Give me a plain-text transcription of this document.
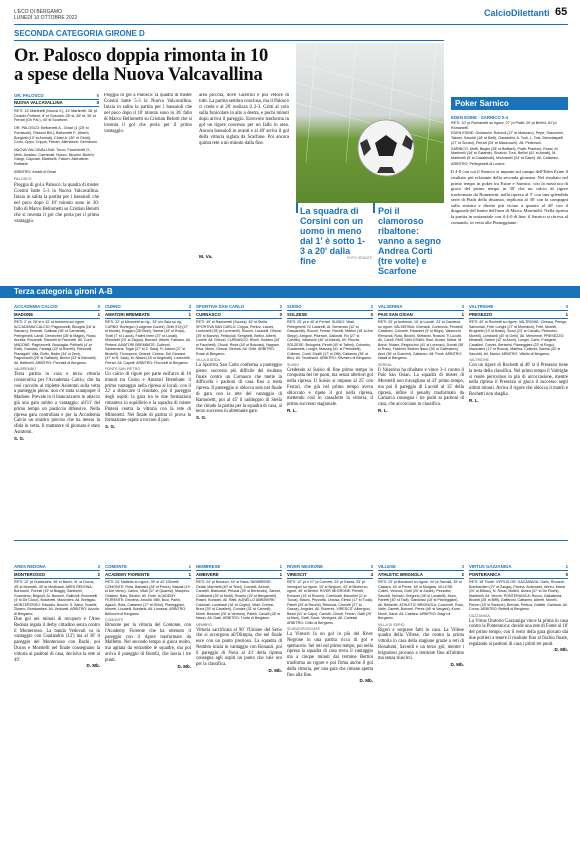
L'ECO DI BERGAMO
LUNEDÌ 10 OTTOBRE 2022	CalcioDilettanti 65
SECONDA CATEGORIA GIRONE D
Or. Palosco doppia rimonta in 10
a spese della Nuova Valcavallina
OR. PALOSCO	5
NUOVA VALCAVALLINA	3
RETI: 12' Martinelli (Nuova V.), 43' Martinelli, 38' pt Ceciolo Portiere; 8' st Gusmini; 28' st, 36' st, 30' st Ferrari (On Pal.), 40' st Scarfone.
OR. PALOSCO: Bellometti A., Chiari (1 (25' st Pomiacoli), Ristorni Bill.), Bellometti F., Alberti, Borgiotti (10' st Armiati), Chiari A. (30' st Ghidi), Corsi, Oppo. Crippa, Ferrari. Allenatore: Gervasoni.
NUOVA VALCAVALLINA: Turco, Facchinetti G., Mellì, Anadeo, Carminati, Nocco, Nicolini, Biolchi, Gangi, Caporali, Martinelli, Falceri. Allenatore: Raffaele.
ARBITRO: Amati di Chiari
PALOSCO
Pioggia di gol a Palosco: la quadra di mister Corsini batte 5-3 la Nuova Valcavallina. Inizia in salita la partita per i bassaioli che nel poco dopo il 10' minuto sono in 30: fallo di Marco Bellometti su Cristian Belotti che si inventa il gol che porta per il primo vantaggio.
Pioggia di gol a Palosco: la quadra di mister Corsini batte 5-3 la Nuova Valcavallina. Inizia in salita la partita per i bassaioli che nel poco dopo il 10' minuto sono in 30: fallo di Marco Bellometti su Cristian Belotti che si inventa il gol che porta per il primo vantaggio.
area piccola, dove Guerrini è più veloce di tutti. La partita sembra conclusa, ma il Palosco ci crede e al 26' realizza il 2-3. Gritti al volo sulla funicolare in alto a destra, e pochi minuti dopo arriva il pareggio. Eurovolo trasforma in gol un rigore concesso per un fallo in area. Ancora bassaioli in avanti e al 40' arriva il gol della vittoria siglata da Scarfone. Poi ancora quinta rete a un minuto dalla fine.
M. Va.	FOTO ISTANTE
La squadra di Corsini con un uomo in meno dal 1' è sotto 1-3 a 20' dalla fine
Poi il clamoroso ribaltone: vanno a segno Andrea Corti (tre volte) e Scarfone
Poker Sarnico
EDEN ESINE - SARNICO 0-4
RETI: 10' pt Romanetti su rigore; 27' pt Piatti; 30' pt Bellini; 40' pt Romanetti.
EDEN ESINE: Giuliamini, Rotondi (27' st Mascaro), Pepe, Giacomini, Taboni, Savoldi (18' st Belli), Gastaldini, A. Todi, L. Tosi, Bresciaspelli (27' st Sorani), Ferrari (25' st Mazzocchi). All. Pedersoli.
SARNICO: Muffi, Begini (28' st Beffiani), Piatti, Piantoni, Rossi, M. Martinelli (18' st Galante), Sicalvio, Torri, Bellini (41' st Amati), M. Martinelli (5' st Casabinali), Mozzarelli (34' st Gabri). All. Cattaneo.
ARBITRO: Pellegrinelli di Lovere.
Il 4-0 con cui il Sarnico si impone sul campo dell'Eden Esine il risultato più eclatante della seconda giornata. Nel risultato nel primo tempo in poker tra Esine e Sarnico, con la mezz'ora di gioco del primo tempo in 30' che un calcio di rigore trasformato da Romanetti, nella ripresa al 5' con una splendida serie di Piatti della distanza, triplicata al 30' con la compagni sulla sinistra e diretto più vicino a quattro al 40' con il diagonale del limite dell'area di Marco Martinelli. Nella ripresa la partita in sostanziale con il 4-0 di fine, il Sarnico si ritrova al comando, in vetta alla Pianeggiante.
Terza categoria gironi A-B
ACCADEMIA CALCIO	0
MADONE	1
RETI: 2' pt, 28' st e 32' st Asintomi sul rigore. ACCADEMIA CALCIO: Pagnoncelli, Bicoglia (18' st Samaro), Emerati, Gallbasi (36' st Carminati), Pellegrinelli, Landi, Deroechet (28' st Magni), Rossi, Aurelia, Rovanelli. Rancelli st Facchetti. All. Corti. MADONE: Pagnoncelli, Boccaglia, Pellicelli (4' pt Rolli), Galaiani, Fantagi (15' st Bonelli), Pelicinali, Pianagalli, Villa, Ruffo, Badin (34' st Zeni), Pagnoncelli (25' st Gaffaldi), Benini (33' st Biemarli). All. Bettinelli. ARBITRO: Prevaldi di Bergamo.
VALBREMBO
Terza partita in casa e terza vittoria consecutiva per l'Accademia Calcio, che ha così raccolto al triplette Asintomi sulla vetta a punteggio pieno: non c'è stata scampoper il Madone. Prevale in il biancazzurro in attacco già una gara subito a vantaggio: all'11' del primo tempo un pasticcio difensivo. Nella ripresa gara controllata e per la Accademia Calcio un sinistro preciso che ha messo la sfida in vetta. Il mattatore di giornata è stato Asintomi.
S. G.
CURNO	3
AMATORI BREMBATE	1
RETI: 22' pt Mimoretti su rig., 33' s/n Sala su rig. CURNO: Borlegon (Ludgeros Zucchi), Gritti 9'Oj (27' st Monte), Ruggeri (35'Stoel), Samat (18' st Rosa), Trotti (7' st Lucca), Fatimi Imeri (37' st Lonati), Mimoretti (24' st Zappa), Bonomi, Alberti, Fabiano. All. Pinterà. AMATORI BREMBATE: Colleoni, Santamaria, Togal (27' st Z. Sala), R. Albani (27' st Bindelli), Thompson, Orlandi, Celone, Del Giovane (37' st N. Sala), M. Albani (18' st Angelotti), Lorenzelli, Ferrari. All. Capelli. ARBITRO: Piccinelli di Bergamo.
PONTE SAN PIETRO
Un calcio di rigore per parte nell'arco di 10 minuti tra Curno e Amatori Brembate: il primo vantaggio nella ripresa ai locali, con il 22' a sbloccare il risultato, poi il pareggio degli ospiti: la gara tra le due formazioni rimaneva in equilibrio e la squadra di mister Pinterà centra la vittoria con la rete di Mimoretti. Nel finale di partita ci prova la formazione ospite a trovare il pari.
S. G.
SPORTIVA SAN CARLO	2
CURNASCO	0
RETI: 40' st Ramonetti (Scuola), 45' st Stella. SPORTIVA SAN CARLO: Crippa, Perlizz, Lacchi, Lorenzelli (35' pt Lorenzelli), Rocchi, Lucarelli, Ghezzi (39' st Marchi), Pelliccioli, Serighelli, Bellini. Alberti, Lunelli. All. Ghezzi. CURNASCO: Riceli, Sodano (29' st Facchetti), Chiodi, Reda (18' st Boscato), Nagrani, Riva, Merlo, Ghezzi, Bertola. All. Gritti. ARBITRO: Rossi di Bergamo.
VILLA D'ADDA
La Sportiva San Carlo conferma a punteggio pieno: successo più difficile del risultato finale contro un Curnasco che mette in difficoltà i padroni di casa fino a metà ripresa. Il punteggio si sblocca solo nel finale di gara con la rete del vantaggio di Ramonetti, poi al 45' il raddoppio di Stella che chiude la partita per la squadra di casa, al terzo successo in altrettante gare.
S. G.
SUISIO	2
SOLZESE	0
RETI: 25' pt e 40' st Ferrari. SUISIO: Vitali, Pellegrinelli, Di Lucarelli, Al. Semeraro (12' st Gasparotti), Rocchi, Ferrari, Ravelli, Martini (18' st Ars Stepp), Arrigoni, Pisenari, Gallorati, Ro (27' st Caruffo), Valsecchi (40' st Alberti). All. Piccolo. SOLZESE: Bolognini, Pirotti (40' st Tafimi), Colombo, Gualandris, Longhi, Masseg (41' st Pietrobelli), Colleoni, Conti, Zhulifi (17' st Zitti), Cattaneo (36' st Bilz). All. Teodeschi. ARBITRO: Silvestro di Bergamo.
SUISIO
Credendo al Suisio di fine primo tempo in conquista dei tre punti, ma senza ulteriori gol nella ripresa. Il Suisio si impone al 25' con Ferrari, che già nel primo tempo aveva sbloccato e ripete il gol nella ripresa, mettendo così in cassaforte la vittoria, il primo successo stagionale.
R. L.
VALSERINA	3
PAIS SAN OSIAN	1
RETI: 43' pt Andreoni, 15' st Lucotti, 23' st Camarca su rigore. VALSERINA: Gherardi, Corlinovis, Pessetti, Cattaneo, Colombi, Palazzini (5' st Brigo), Valsecchi, Remondi, Rota, Birolini, Stefanini, Rossini, Ti Lucotti. All. Caroli. PAIS SAN OSIAN: Ravi, Arcani, Milesi, M. Bonzi, Nolani, Respicchio (41' st Lorenzo), Donati (36' st Rota), Fabbrini, Bettoni Iliano (35' st Galbusera), Anni (36' st Guerrini), Cattaneo. All. Ponti. ARBITRO: Natali di Bergamo.
SERINA
Il Valserina ha ribaltato e vince 3-1 contro il Pais San Osian. La squadra di mister di Morstelli non travagliato al 43' primo tempo, ma poi il pareggio di Lucotti al 15' della ripresa, infine il penalty trasformato da Camarca consegna i tre punti ai padroni di casa, che accorciano in classifica.
R. L.
VALTRIGHE	3
PRESEZZO	1
RETI: 40' st Rochetti su rigore. VALTRIGHE: Chessa, Perego, Salvoniati, Fritti, Longhi (27' st Moreanzi), Fritti, Moretti, Brughetti (13' st Bassi), Sozzi (23' st Cavallo, Petrosino, Morelli), Lombardi (40' st Gerli). All. Mercenne. PRESEZZO: Miraballi, Sartori (42' st Aroni), Lunghi, Carlo, Frangetti, Cavalleri, Corvini, Bertarini, Pianeggiani (23' st Rogo), Mazzoleni (17' st Rocca), Martina, Colleoni, Barina (30' st Savoldi). All. Marini. ARBITRO: Villello di Bergamo.
VALTRIGHE
Con un rigore di Rochetti al 40' st il Presezzo tiene la testa della classifica. Nel primo tempo il Valtrighe si rende pericoloso in più di un'occasione, mentre nella ripresa il Presezzo si gioca il successo negli ultimi minuti. Arriva il rigore che sblocca il match e Rochetti non sbaglia.
R. L.
ARES REDONA	3
MONTEROSSO	2
RETI: 12' pt Gualandris, 36' st Bachi, 41' st Ducos, 45' st Morstelli, 49' st Medicanti. ARES REDONA: Bortocchi, Poresti (19' st Biaggi), Santinelli, Guarnierio, Brignoli, Al. Bonomi, Gallicioli, Bonomelli (4' st De Cicco), Boschetti, Mazzoleni. All. Breisgau. MONTEROSSO: Ravasio, Bocchi, S. Salvo, Nosetti, Zinarro, Bombardieri. All. Vedovati. ARBITRO: Azzola di Bergamo.
Due gol nei minuti di recupero e l'Ares Redona regala il derby cittadino senza contro il Monterosso. La banda Vedovati va in vantaggio con Gualandris (12') ma al 36' il pareggio del Monterosso con Bachi, poi Ducos e Morstelli nel finale consegnano la vittoria ai padroni di casa, decisiva la rete al 49'.
D. Mb.
COMONTE	1
ACADEMY FIORENTE	1
RETI: 24' Malfetto su rigore, 35' st 42' il Borelli. COMONTE: Rota, Barbaini (28' st Perez), Basola (19' st Del Vento), Carico, Vitali (37' st Quaresi), Maspero, Ghisleni, Baio, Birolini. All. Forte. ACADEMY FIORENTE: Druvima, Arnoldi, Milli, Buoi, Parini, Agazzi, Rota, Cattaneo (17' st Ghisi), Pianeggiani, Moretti, Lucatelli, Bonfanti. All. Lionessi. ARBITRO: Bellocchi di Bergamo.
COMONTE
Rimonte per la vittoria del Comonte, con l'Academy Fiorente che ha ottenuto il pareggio con il rigore trasformato da Malfetto. Nel secondo tempo si gioca molto, ma agitata da entrambe le squadre, ma poi arriva il pareggio di Borelli, che lascia i tre punti.
D. Mb.
NEMBRESE	1
AMBIVERE	1
RETI: 24' pt Bonazzi, 43' st Nava. NEMBRESE: Gelati, Marmetti (40' st Terzi), Cornetti, Azzola, Cancelli, Biancardi, Pelussi (28' st Berlendis), Zanoni, Cottiniardi (25' st Mutti), Roseto (19' st Bergamelli), Rosmi, Bonzani. All. Ratti. AGNELLO AMBIVERE: Calzolari, Lombardi (18' st Cugini), Vitali, Cortesi, Brevi (25' st Cavalleri), Cornies (31' st Carnelli), Monti, Bonzani (26' st Vertova), Patelli, Cavalli (28' st Nava). All. Gatti. ARBITRO: Trotta di Bergamo.
NEMBRO
Vittoria sacrificata al 90' l'Unione del Serio che si accorgono all'Olimpia, che nel finale esce con un punto prezioso. La squadra di Nembro inizia in vantaggio con Bonazzi, poi il pareggio di Nava al 43' della ripresa consegna agli ospiti un punto che vale oro per la classifica.
D. Mb.
RIVER NEGRONE	3
VIRESCIT	4
RETI: 12' pt e 27' pt Cornetti, 23' pt Gazza, 33' pt Venegoni su rigore, 15' st Negroni, 43' st Bertini su rigore, 45' st Bertini. RIVER NEGRONE: Penetti, Ronzoni (15' st Rovoni), Carminati, Baronfini (2' st Tocca), Mauro, Pezzotta, Lecosa, Elmisi (17' st Tuda), Patelli (20' st Rocchi), Rebiccia, Cornetti (27' st Gazza), Angelini. All. Roberini. VIRESCIT: Albergoni, Bessi (41' st Capo), Carlotti, Chiodi, Ferrari, Gatti (29' st Mari), Gatti, Sozzi, Venegoni. All. Carlessi. ARBITRO: Grillo di Bergamo.
SCANZOROSCIATE
La Virescit fa un gol in più del River Negrone in una partita ricca di gol e spettacolo. Sei reti nel primo tempo, poi nella ripresa la squadra di casa trova il vantaggio ma a cinque minuti dal termine Bertini trasforma un rigore e poi firma anche il gol della vittoria, per una gara che rimane aperta fino alla fine.
D. Mb.
VILLESE	3
ATHLETIC BRIGNOLA	2
RETI: 23' pt Bonalumi su rigore, 44' pt Savoldi, 35' st Caldara, 43' st Perez, 48' st Molgara. VILLESE: Colleri, Vedova, Gotti (20' st Zanini), Pezzotta, Savoldi, Selvani, Gregorio (35' st Locatelli), Moro, Parietti (40' st Tadi), Gandossi (18' st Pianeggiani). All. Bellavite. ATHLETIC BRIGNOLA: Cocchetti, Rota, Valtri, Zanetti, Bonomi, Perez (46' st Vergani), Kone, Monti, Dana. All. Caldara. ARBITRO: Magri di Bergamo.
VILLA DI SERIO
Rigori e sorprese fatti in casa. La Villese quadra della Villese, che centra la prima vittoria in casa della stagione grazie a reti di Bonalumi, Savoldi e un terzo gol, mentre i brignolesi provano a rientrare fino all'ultimo ma senza riuscirci.
D. Mb.
VIRTUS GAZZANIGA	1
PONTERANICA	0
RETI: 18' Fonte. VIRTUS OR. GAZZANIGA: Gallo, Riccardi, Bombardieri (27' st Zanga), Fiorina, Ambrosini, Abreu, Manzi (20' st Bilbao), N. Rossi, Mottini, Alinea (37' st De Rochi), Martinelli. All. Vecchi. PONTERANICA: Rocco, Galbalenta, Bicardi (28' st Biffi), Gaffaroni, Cattaneo, Alberti, Morelli, Pelizzi (18' st Sadone), Breviari, Pertica, Galletti, Gandola. All. Corna. ARBITRO: Bettelli di Bergamo.
GAZZANIGA
La Virtus Oratorio Gazzaniga vince la prima in casa contro la Ponteranica: decide una rete di Fonte al 18' del primo tempo, con il resto della gara giocato dai due portieri a tenere il risultato fino al fischio finale, regalando ai padroni di casa i primi tre punti.
D. Mb.
